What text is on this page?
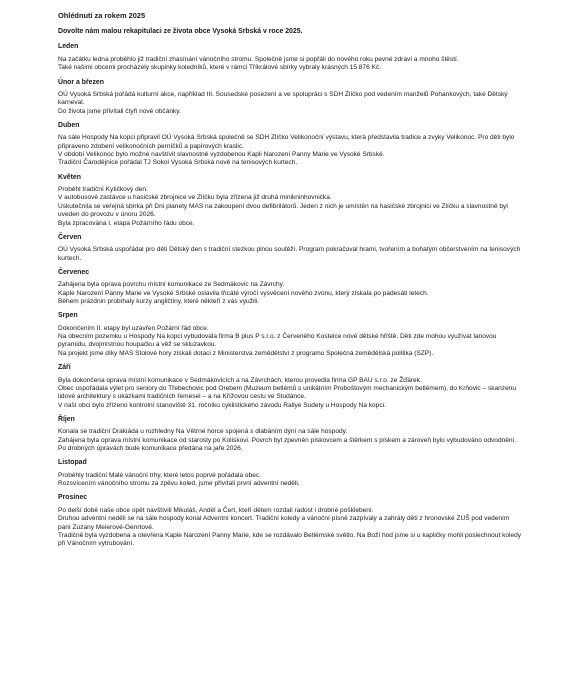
Ohlédnutí za rokem 2025
Dovolte nám malou rekapitulaci ze života obce Vysoká Srbská v roce 2025.
Leden

Na začátku ledna proběhlo již tradiční zhasínání vánočního stromu. Společně jsme si popřáli do nového roku pevné zdraví a mnoho štěstí.

Také našimi obcemi procházely skupinky koledníků, které v rámci Tříkrálové sbírky vybraly krásných 15 876 Kč.

Únor a březen

OÚ Vysoká Srbská pořádá kulturní akce, například III. Sousedské posezení a ve spolupráci s SDH Zlíčko pod vedením manželů Pohankových, také Dětský karneval.

Do života jsme přivítali čtyři nové občánky.

Duben

Na sále Hospody Na kopci připravil OÚ Vysoká Srbská společně se SDH Zlíčko Velikonoční výstavu, která představila tradice a zvyky Velikonoc. Pro děti bylo připraveno zdobení velikonočních perníčků a papírových kraslic.

V období Velikonoc bylo možné navštívit slavnostně vyzdobenou Kapli Narození Panny Marie ve Vysoké Srbské.

Tradiční Čarodějnice pořádal TJ Sokol Vysoká Srbská nově na tenisových kurtech.

Květen

Proběhl tradiční Kytičkový den.

V autobusové zastávce u hasičské zbrojnice ve Zlíčku byla zřízena již druhá minikninhovnička.

Uskutečnila se veřejná sbírka při Dni planety MAS na zakoupení dvou defibrilátorů. Jeden z nich je umístěn na hasičské zbrojnici ve Zlíčku a slavnostně byl uveden do provozu v únoru 2026.

Byla zpracována I. etapa Požárního řádu obce.

Červen

OÚ Vysoká Srbská uspořádal pro děti Dětský den s tradiční stezkou plnou soutěží. Program pokračoval hrami, tvořením a bohatým občerstvením na tenisových kurtech.

Červenec

Zahájena byla oprava povrchu místní komunikace ze Sedmákovic na Závrchy.

Kaple Narození Panny Marie ve Vysoké Srbské oslavila třicáté výročí vysvěcení nového zvonu, který získala po padesáti letech.

Během prázdnin probíhaly kurzy angličtiny, které někteří z vás využili.

Srpen

Dokončením II. etapy byl uzavřen Požární řád obce.

Na obecním pozemku u Hospody Na kopci vybudovala firma B plus P s.r.o. z Červeného Kostelce nové dětské hřiště. Děti zde mohou využívat lanovou pyramidu, dvojmístnou houpačku a věž se skluzavkou.

Na projekt jsme díky MAS Stolové hory získali dotaci z Ministerstva zemědělství z programu Společná zemědělská politika (SZP).

Září

Byla dokončena oprava místní komunikace v Sedmákovicích a na Závrchách, kterou provedla firma GP BAU s.r.o. ze Žďárek.

Obec uspořádala výlet pro seniory do Třebechovic pod Orebem (Muzeum betlémů s unikátním Proboštovým mechanickým betlémem), do Krňovic – skanzenu lidové architektury s ukázkami tradičních řemesel – a na Křížovou cestu ve Studánce.

V naší obci bylo zřízeno kontrolní stanoviště 31. ročníku cyklistického závodu Rallye Sudety u Hospody Na kopci.

Říjen

Konala se tradiční Drakiáda u rozhledny Na Větrné horce spojená s dlabáním dýní na sále hospody.

Zahájena byla oprava místní komunikace od starosty po Koliskovi. Povrch byl zpevněn pískovcem a štěrkem s pískem a zároveň bylo vybudováno odvodnění.

Po drobných úpravách bude komunikace předána na jaře 2026.

Listopad

Proběhly tradiční Malé vánoční trhy, které letos poprvé pořádala obec.

Rozsvícením vánočního stromu za zpěvu koled, jsme přivítali první adventní neděli.

Prosinec

Po delší době naše obce opět navštívili Mikuláš, Anděl a Čert, kteří dětem rozdali radost i drobné pošklebení.

Druhou adventní neděli se na sále hospody konal Adventní koncert. Tradiční koledy a vánoční písně zazpívaly a zahrály děti z hronovské ZUŠ pod vedením paní Zuzany Meierové-Genrtové.

Tradičně byla vyzdobena a otevřena Kaple Narození Panny Marie, kde se rozdávalo Betlémské světlo. Na Boží hod jsme si u kapličky mohli poslechnout koledy při Vánočním vytrubování.
